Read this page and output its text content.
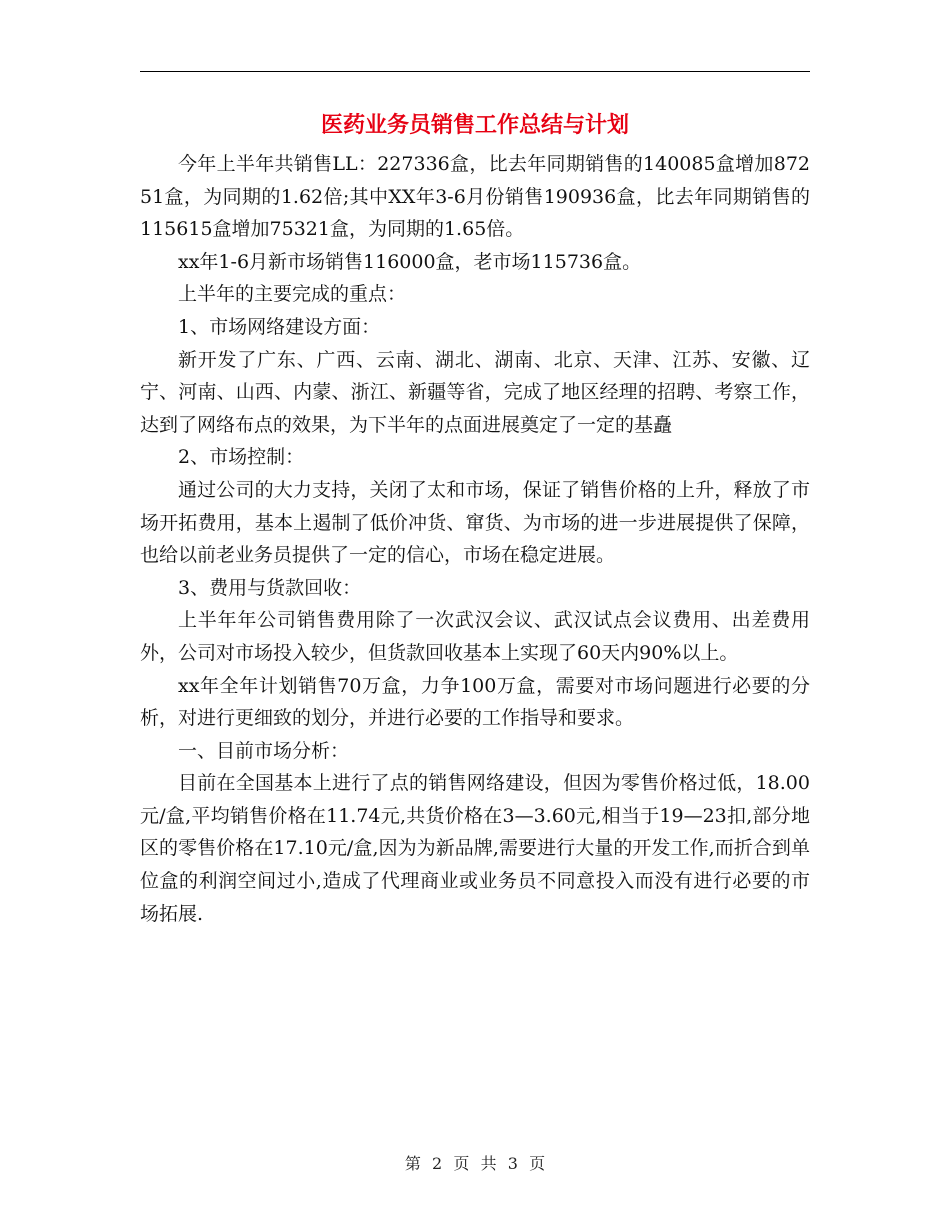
医药业务员销售工作总结与计划

今年上半年共销售LL：227336盒，比去年同期销售的140085盒增加87251盒，为同期的1.62倍;其中XX年3-6月份销售190936盒，比去年同期销售的115615盒增加75321盒，为同期的1.65倍。

xx年1-6月新市场销售116000盒，老市场115736盒。

上半年的主要完成的重点：

1、市场网络建设方面：

新开发了广东、广西、云南、湖北、湖南、北京、天津、江苏、安徽、辽宁、河南、山西、内蒙、浙江、新疆等省，完成了地区经理的招聘、考察工作，达到了网络布点的效果，为下半年的点面进展奠定了一定的基矗

2、市场控制：

通过公司的大力支持，关闭了太和市场，保证了销售价格的上升，释放了市场开拓费用，基本上遏制了低价冲货、窜货、为市场的进一步进展提供了保障，也给以前老业务员提供了一定的信心，市场在稳定进展。

3、费用与货款回收：

上半年年公司销售费用除了一次武汉会议、武汉试点会议费用、出差费用外，公司对市场投入较少，但货款回收基本上实现了60天内90%以上。

xx年全年计划销售70万盒，力争100万盒，需要对市场问题进行必要的分析，对进行更细致的划分，并进行必要的工作指导和要求。

一、目前市场分析：

目前在全国基本上进行了点的销售网络建设，但因为零售价格过低，18.00元/盒,平均销售价格在11.74元,共货价格在3—3.60元,相当于19—23扣,部分地区的零售价格在17.10元/盒,因为为新品牌,需要进行大量的开发工作,而折合到单位盒的利润空间过小,造成了代理商业或业务员不同意投入而没有进行必要的市场拓展.

第 2 页 共 3 页
